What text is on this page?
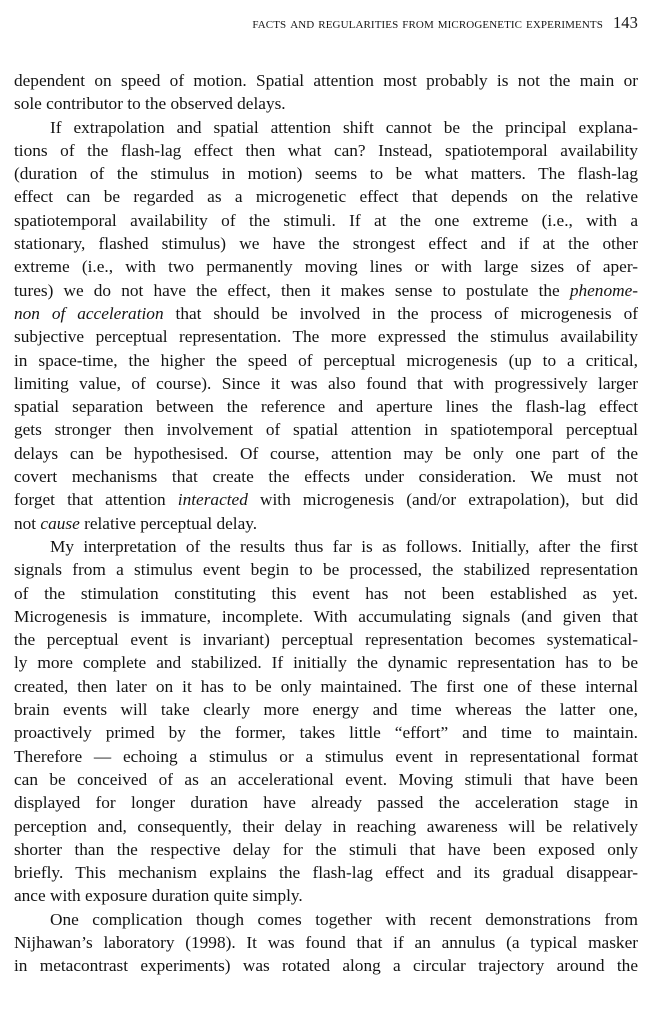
facts and regularities from microgenetic experiments 143

dependent on speed of motion. Spatial attention most probably is not the main or
sole contributor to the observed delays.

If extrapolation and spatial attention shift cannot be the principal explana-
tions of the flash-lag effect then what can? Instead, spatiotemporal availability
(duration of the stimulus in motion) seems to be what matters. The flash-lag
effect can be regarded as a microgenetic effect that depends on the relative
spatiotemporal availability of the stimuli. If at the one extreme (i.e., with a
stationary, flashed stimulus) we have the strongest effect and if at the other
extreme (i.e., with two permanently moving lines or with large sizes of aper-
tures) we do not have the effect, then it makes sense to postulate the phenome-
non of acceleration that should be involved in the process of microgenesis of
subjective perceptual representation. The more expressed the stimulus availability
in space-time, the higher the speed of perceptual microgenesis (up to a critical,
limiting value, of course). Since it was also found that with progressively larger
spatial separation between the reference and aperture lines the flash-lag effect
gets stronger then involvement of spatial attention in spatiotemporal perceptual
delays can be hypothesised. Of course, attention may be only one part of the
covert mechanisms that create the effects under consideration. We must not
forget that attention interacted with microgenesis (and/or extrapolation), but did
not cause relative perceptual delay.

My interpretation of the results thus far is as follows. Initially, after the first
signals from a stimulus event begin to be processed, the stabilized representation
of the stimulation constituting this event has not been established as yet.
Microgenesis is immature, incomplete. With accumulating signals (and given that
the perceptual event is invariant) perceptual representation becomes systematical-
ly more complete and stabilized. If initially the dynamic representation has to be
created, then later on it has to be only maintained. The first one of these internal
brain events will take clearly more energy and time whereas the latter one,
proactively primed by the former, takes little “effort” and time to maintain.
Therefore — echoing a stimulus or a stimulus event in representational format
can be conceived of as an accelerational event. Moving stimuli that have been
displayed for longer duration have already passed the acceleration stage in
perception and, consequently, their delay in reaching awareness will be relatively
shorter than the respective delay for the stimuli that have been exposed only
briefly. This mechanism explains the flash-lag effect and its gradual disappear-
ance with exposure duration quite simply.

One complication though comes together with recent demonstrations from
Nijhawan’s laboratory (1998). It was found that if an annulus (a typical masker
in metacontrast experiments) was rotated along a circular trajectory around the
